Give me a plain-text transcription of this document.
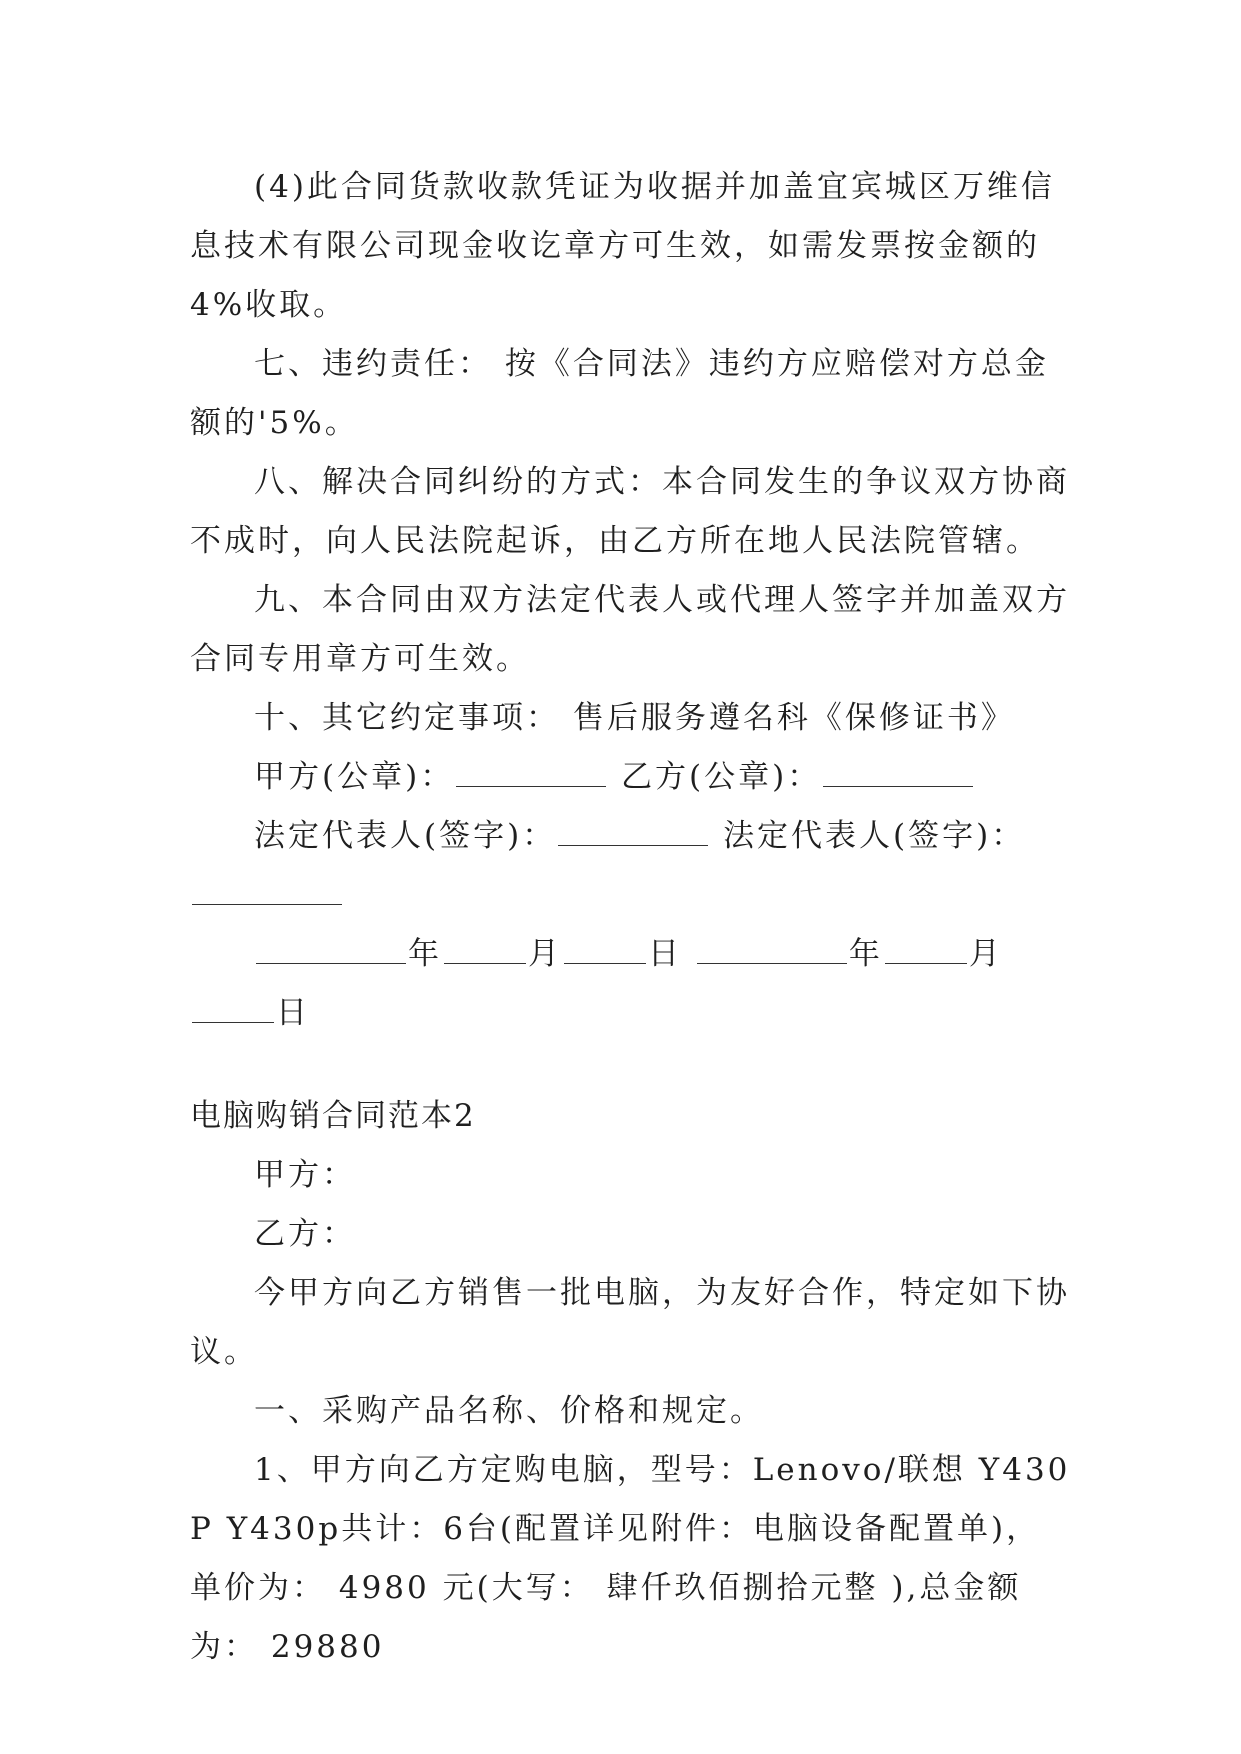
(4)此合同货款收款凭证为收据并加盖宜宾城区万维信息技术有限公司现金收讫章方可生效，如需发票按金额的4%收取。

七、违约责任： 按《合同法》违约方应赔偿对方总金额的'5%。

八、解决合同纠纷的方式：本合同发生的争议双方协商不成时，向人民法院起诉，由乙方所在地人民法院管辖。

九、本合同由双方法定代表人或代理人签字并加盖双方合同专用章方可生效。

十、其它约定事项： 售后服务遵名科《保修证书》

甲方(公章)：	乙方(公章)：

法定代表人(签字)：	法定代表人(签字)：

年	月	日	年	月日

电脑购销合同范本2

甲方：

乙方：

今甲方向乙方销售一批电脑，为友好合作，特定如下协议。

一、采购产品名称、价格和规定。

1、甲方向乙方定购电脑，型号：Lenovo/联想 Y430P Y430p共计：6台(配置详见附件：电脑设备配置单)，单价为： 4980 元(大写： 肆仟玖佰捌拾元整 ),总金额为： 29880
